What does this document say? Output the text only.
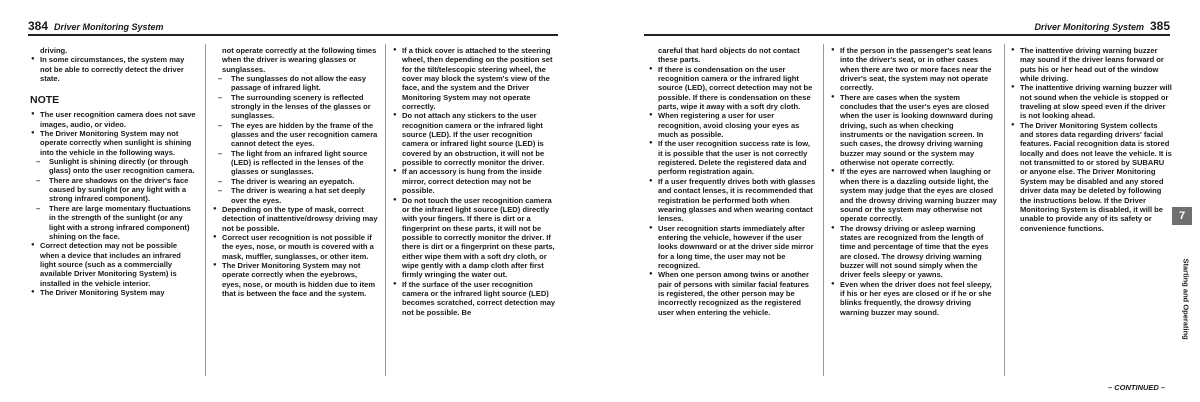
384 Driver Monitoring System

driving.

● In some circumstances, the system may not be able to correctly detect the driver state.

NOTE

● The user recognition camera does not save images, audio, or video.

● The Driver Monitoring System may not operate correctly when sunlight is shining into the vehicle in the following ways.

– Sunlight is shining directly (or through glass) onto the user recognition camera.

– There are shadows on the driver's face caused by sunlight (or any light with a strong infrared component).

– There are large momentary fluctuations in the strength of the sunlight (or any light with a strong infrared component) shining on the face.

● Correct detection may not be possible when a device that includes an infrared light source (such as a commercially available Driver Monitoring System) is installed in the vehicle interior.

● The Driver Monitoring System may

not operate correctly at the following times when the driver is wearing glasses or sunglasses.

– The sunglasses do not allow the easy passage of infrared light.

– The surrounding scenery is reflected strongly in the lenses of the glasses or sunglasses.

– The eyes are hidden by the frame of the glasses and the user recognition camera cannot detect the eyes.

– The light from an infrared light source (LED) is reflected in the lenses of the glasses or sunglasses.

– The driver is wearing an eyepatch.

– The driver is wearing a hat set deeply over the eyes.

● Depending on the type of mask, correct detection of inattentive/drowsy driving may not be possible.

● Correct user recognition is not possible if the eyes, nose, or mouth is covered with a mask, muffler, sunglasses, or other item.

● The Driver Monitoring System may not operate correctly when the eyebrows, eyes, nose, or mouth is hidden due to item that is between the face and the system.

● If a thick cover is attached to the steering wheel, then depending on the position set for the tilt/telescopic steering wheel, the cover may block the system's view of the face, and the system and the Driver Monitoring System may not operate correctly.

● Do not attach any stickers to the user recognition camera or the infrared light source (LED). If the user recognition camera or infrared light source (LED) is covered by an obstruction, it will not be possible to correctly monitor the driver.

● If an accessory is hung from the inside mirror, correct detection may not be possible.

● Do not touch the user recognition camera or the infrared light source (LED) directly with your fingers. If there is dirt or a fingerprint on these parts, it will not be possible to correctly monitor the driver. If there is dirt or a fingerprint on these parts, either wipe them with a soft dry cloth, or wipe gently with a damp cloth after first firmly wringing the water out.

● If the surface of the user recognition camera or the infrared light source (LED) becomes scratched, correct detection may not be possible. Be

Driver Monitoring System 385

careful that hard objects do not contact these parts.

● If there is condensation on the user recognition camera or the infrared light source (LED), correct detection may not be possible. If there is condensation on these parts, wipe it away with a soft dry cloth.

● When registering a user for user recognition, avoid closing your eyes as much as possible.

● If the user recognition success rate is low, it is possible that the user is not correctly registered. Delete the registered data and perform registration again.

● If a user frequently drives both with glasses and contact lenses, it is recommended that registration be performed both when wearing glasses and when wearing contact lenses.

● User recognition starts immediately after entering the vehicle, however if the user looks downward or at the driver side mirror for a long time, the user may not be recognized.

● When one person among twins or another pair of persons with similar facial features is registered, the other person may be incorrectly recognized as the registered user when entering the vehicle.

● If the person in the passenger's seat leans into the driver's seat, or in other cases when there are two or more faces near the driver's seat, the system may not operate correctly.

● There are cases when the system concludes that the user's eyes are closed when the user is looking downward during driving, such as when checking instruments or the navigation screen. In such cases, the drowsy driving warning buzzer may sound or the system may otherwise not operate correctly.

● If the eyes are narrowed when laughing or when there is a dazzling outside light, the system may judge that the eyes are closed and the drowsy driving warning buzzer may sound or the system may otherwise not operate correctly.

● The drowsy driving or asleep warning states are recognized from the length of time and percentage of time that the eyes are closed. The drowsy driving warning buzzer will not sound simply when the driver feels sleepy or yawns.

● Even when the driver does not feel sleepy, if his or her eyes are closed or if he or she blinks frequently, the drowsy driving warning buzzer may sound.

● The inattentive driving warning buzzer may sound if the driver leans forward or puts his or her head out of the window while driving.

● The inattentive driving warning buzzer will not sound when the vehicle is stopped or traveling at slow speed even if the driver is not looking ahead.

● The Driver Monitoring System collects and stores data regarding drivers' facial features. Facial recognition data is stored locally and does not leave the vehicle. It is not transmitted to or stored by SUBARU or anyone else. The Driver Monitoring System may be disabled and any stored driver data may be deleted by following the instructions below. If the Driver Monitoring System is disabled, it will be unable to provide any of its safety or convenience functions.

7
Starting and Operating
– CONTINUED –
